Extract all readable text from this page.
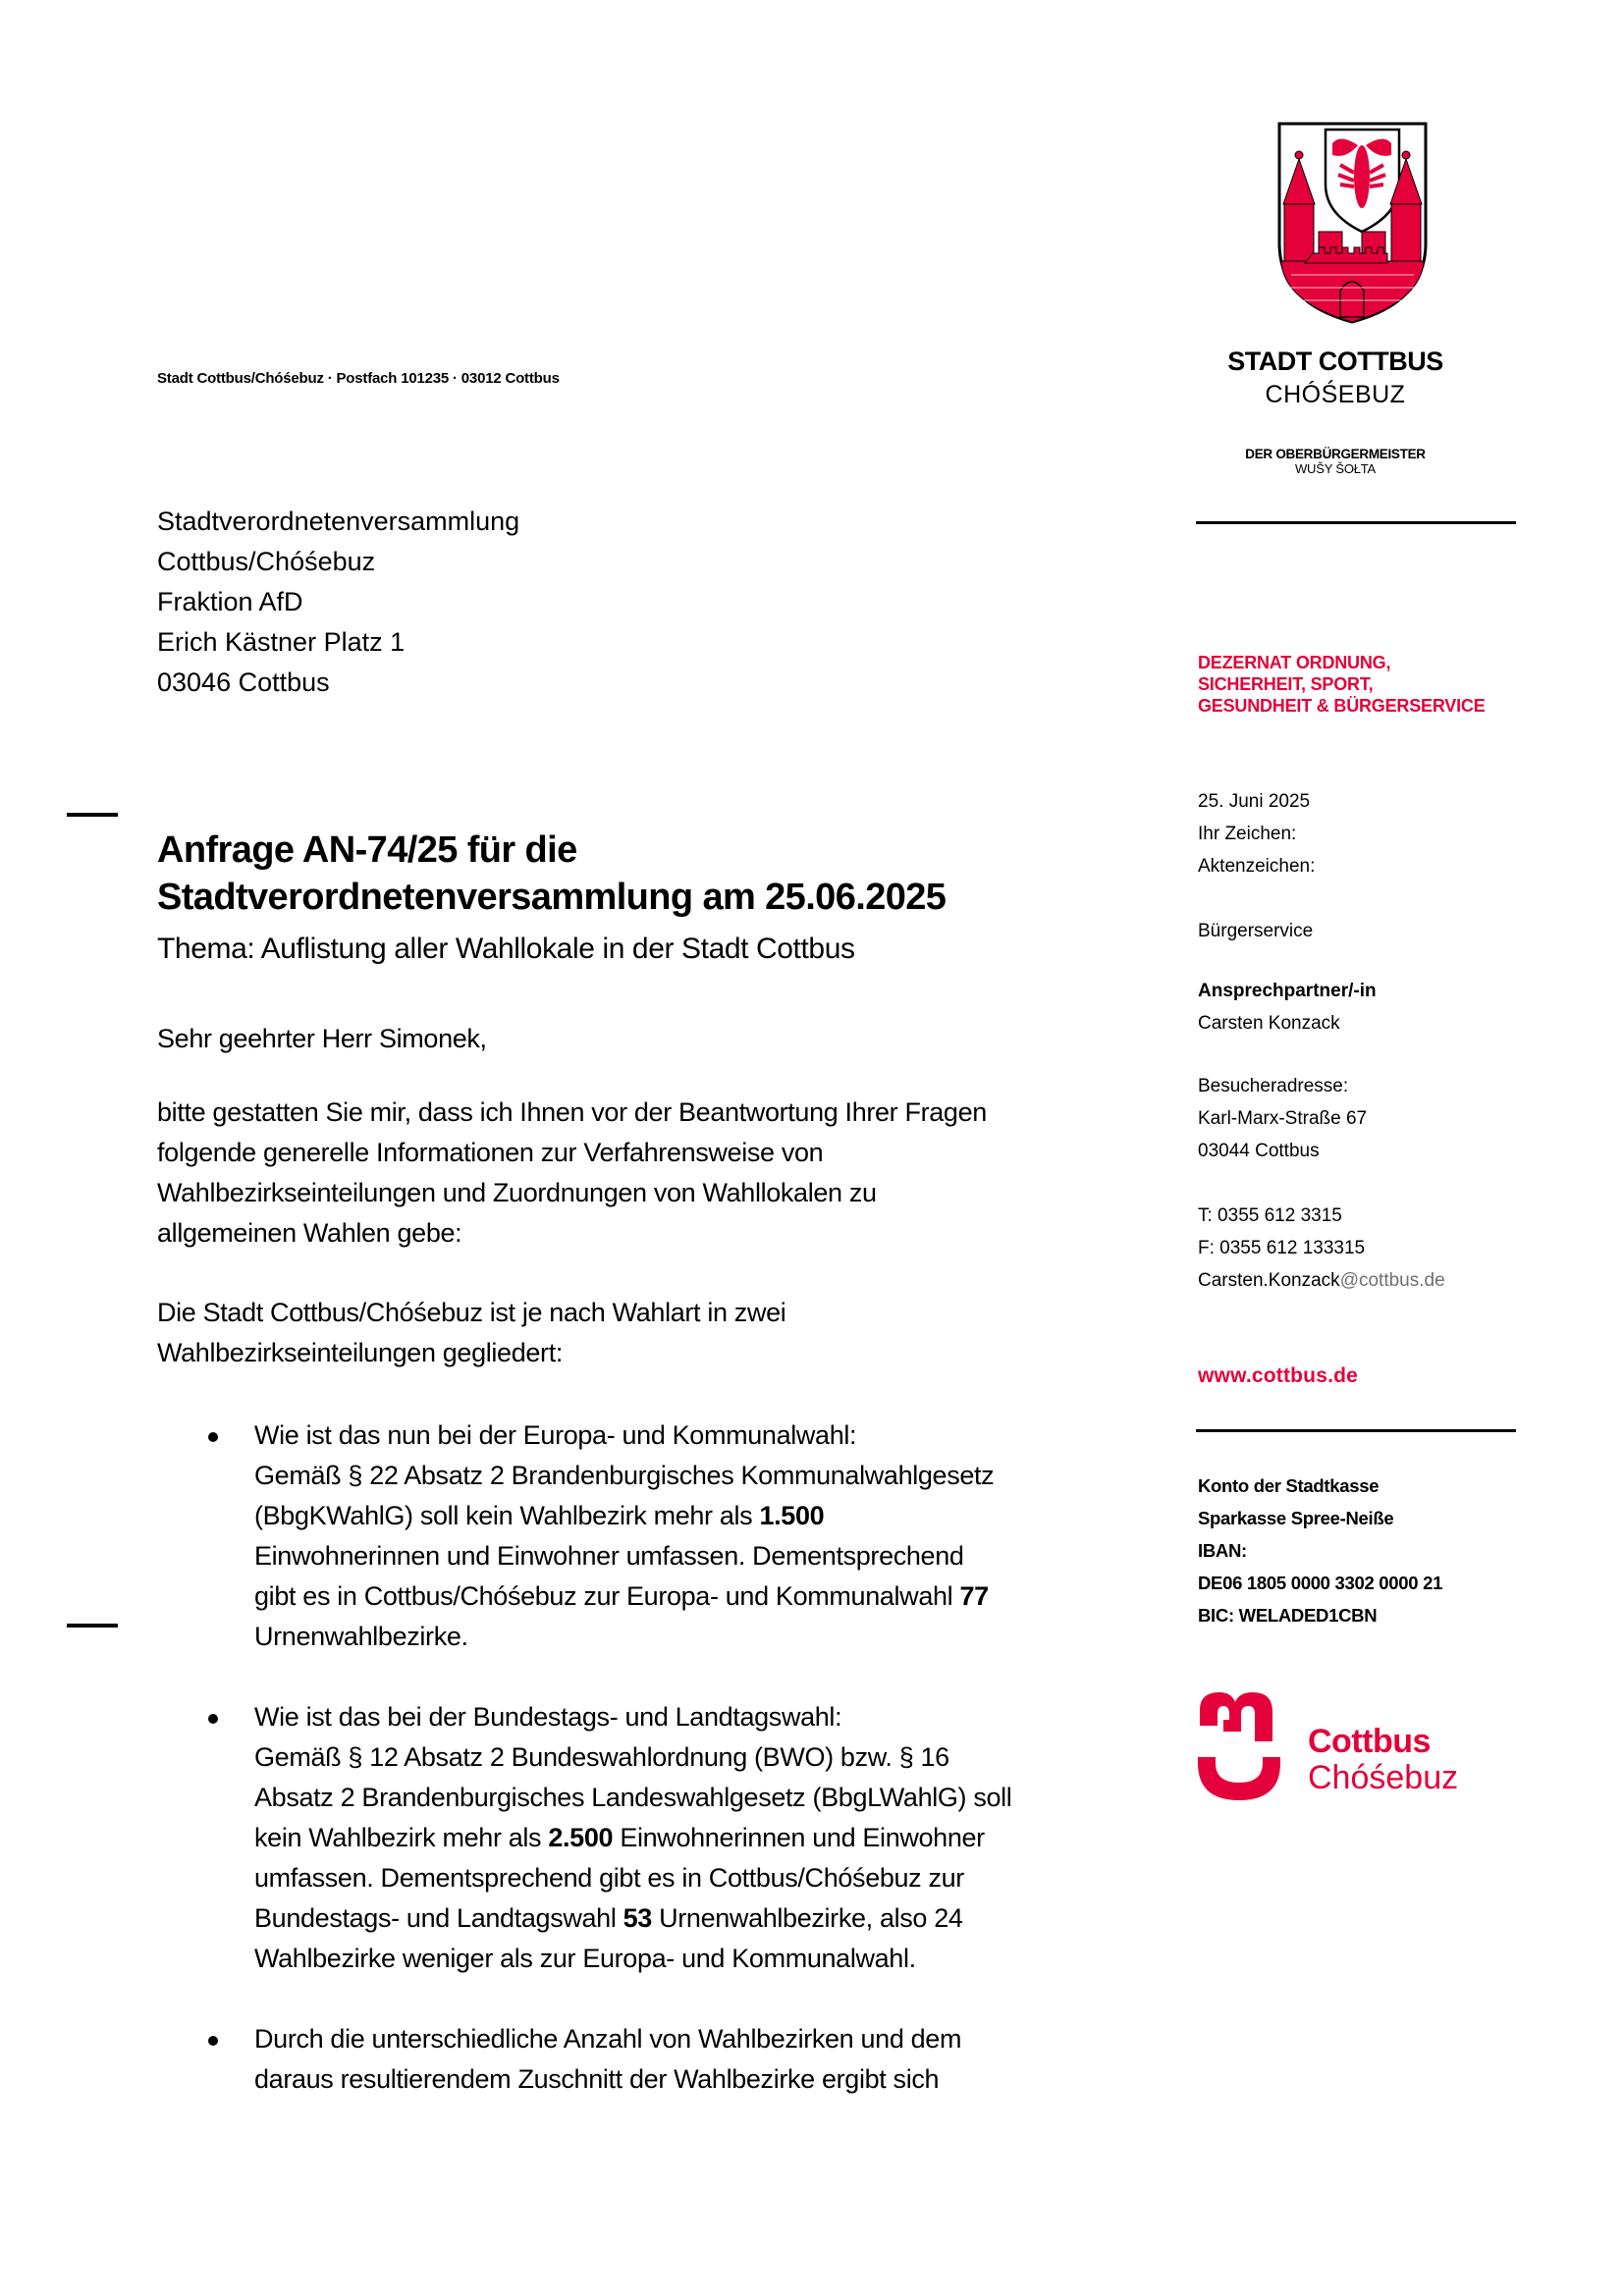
Stadt Cottbus/Chóśebuz · Postfach 101235 · 03012 Cottbus
Stadtverordnetenversammlung
Cottbus/Chóśebuz
Fraktion AfD
Erich Kästner Platz 1
03046 Cottbus
Anfrage AN-74/25 für die
Stadtverordnetenversammlung am 25.06.2025
Thema: Auflistung aller Wahllokale in der Stadt Cottbus
Sehr geehrter Herr Simonek,
bitte gestatten Sie mir, dass ich Ihnen vor der Beantwortung Ihrer Fragen
folgende generelle Informationen zur Verfahrensweise von
Wahlbezirkseinteilungen und Zuordnungen von Wahllokalen zu
allgemeinen Wahlen gebe:
Die Stadt Cottbus/Chóśebuz ist je nach Wahlart in zwei
Wahlbezirkseinteilungen gegliedert:
Wie ist das nun bei der Europa- und Kommunalwahl:
Gemäß § 22 Absatz 2 Brandenburgisches Kommunalwahlgesetz
(BbgKWahlG) soll kein Wahlbezirk mehr als 1.500
Einwohnerinnen und Einwohner umfassen. Dementsprechend
gibt es in Cottbus/Chóśebuz zur Europa- und Kommunalwahl 77
Urnenwahlbezirke.
Wie ist das bei der Bundestags- und Landtagswahl:
Gemäß § 12 Absatz 2 Bundeswahlordnung (BWO) bzw. § 16
Absatz 2 Brandenburgisches Landeswahlgesetz (BbgLWahlG) soll
kein Wahlbezirk mehr als 2.500 Einwohnerinnen und Einwohner
umfassen. Dementsprechend gibt es in Cottbus/Chóśebuz zur
Bundestags- und Landtagswahl 53 Urnenwahlbezirke, also 24
Wahlbezirke weniger als zur Europa- und Kommunalwahl.
Durch die unterschiedliche Anzahl von Wahlbezirken und dem
daraus resultierendem Zuschnitt der Wahlbezirke ergibt sich
STADT COTTBUS
CHÓŚEBUZ
DER OBERBÜRGERMEISTER
WUŠY ŠOŁTA
DEZERNAT ORDNUNG,
SICHERHEIT, SPORT,
GESUNDHEIT & BÜRGERSERVICE
25. Juni 2025
Ihr Zeichen:
Aktenzeichen:
Bürgerservice
Ansprechpartner/-in
Carsten Konzack
Besucheradresse:
Karl-Marx-Straße 67
03044 Cottbus
T: 0355 612 3315
F: 0355 612 133315
Carsten.Konzack@cottbus.de
www.cottbus.de
Konto der Stadtkasse
Sparkasse Spree-Neiße
IBAN:
DE06 1805 0000 3302 0000 21
BIC: WELADED1CBN
Cottbus
Chóśebuz
